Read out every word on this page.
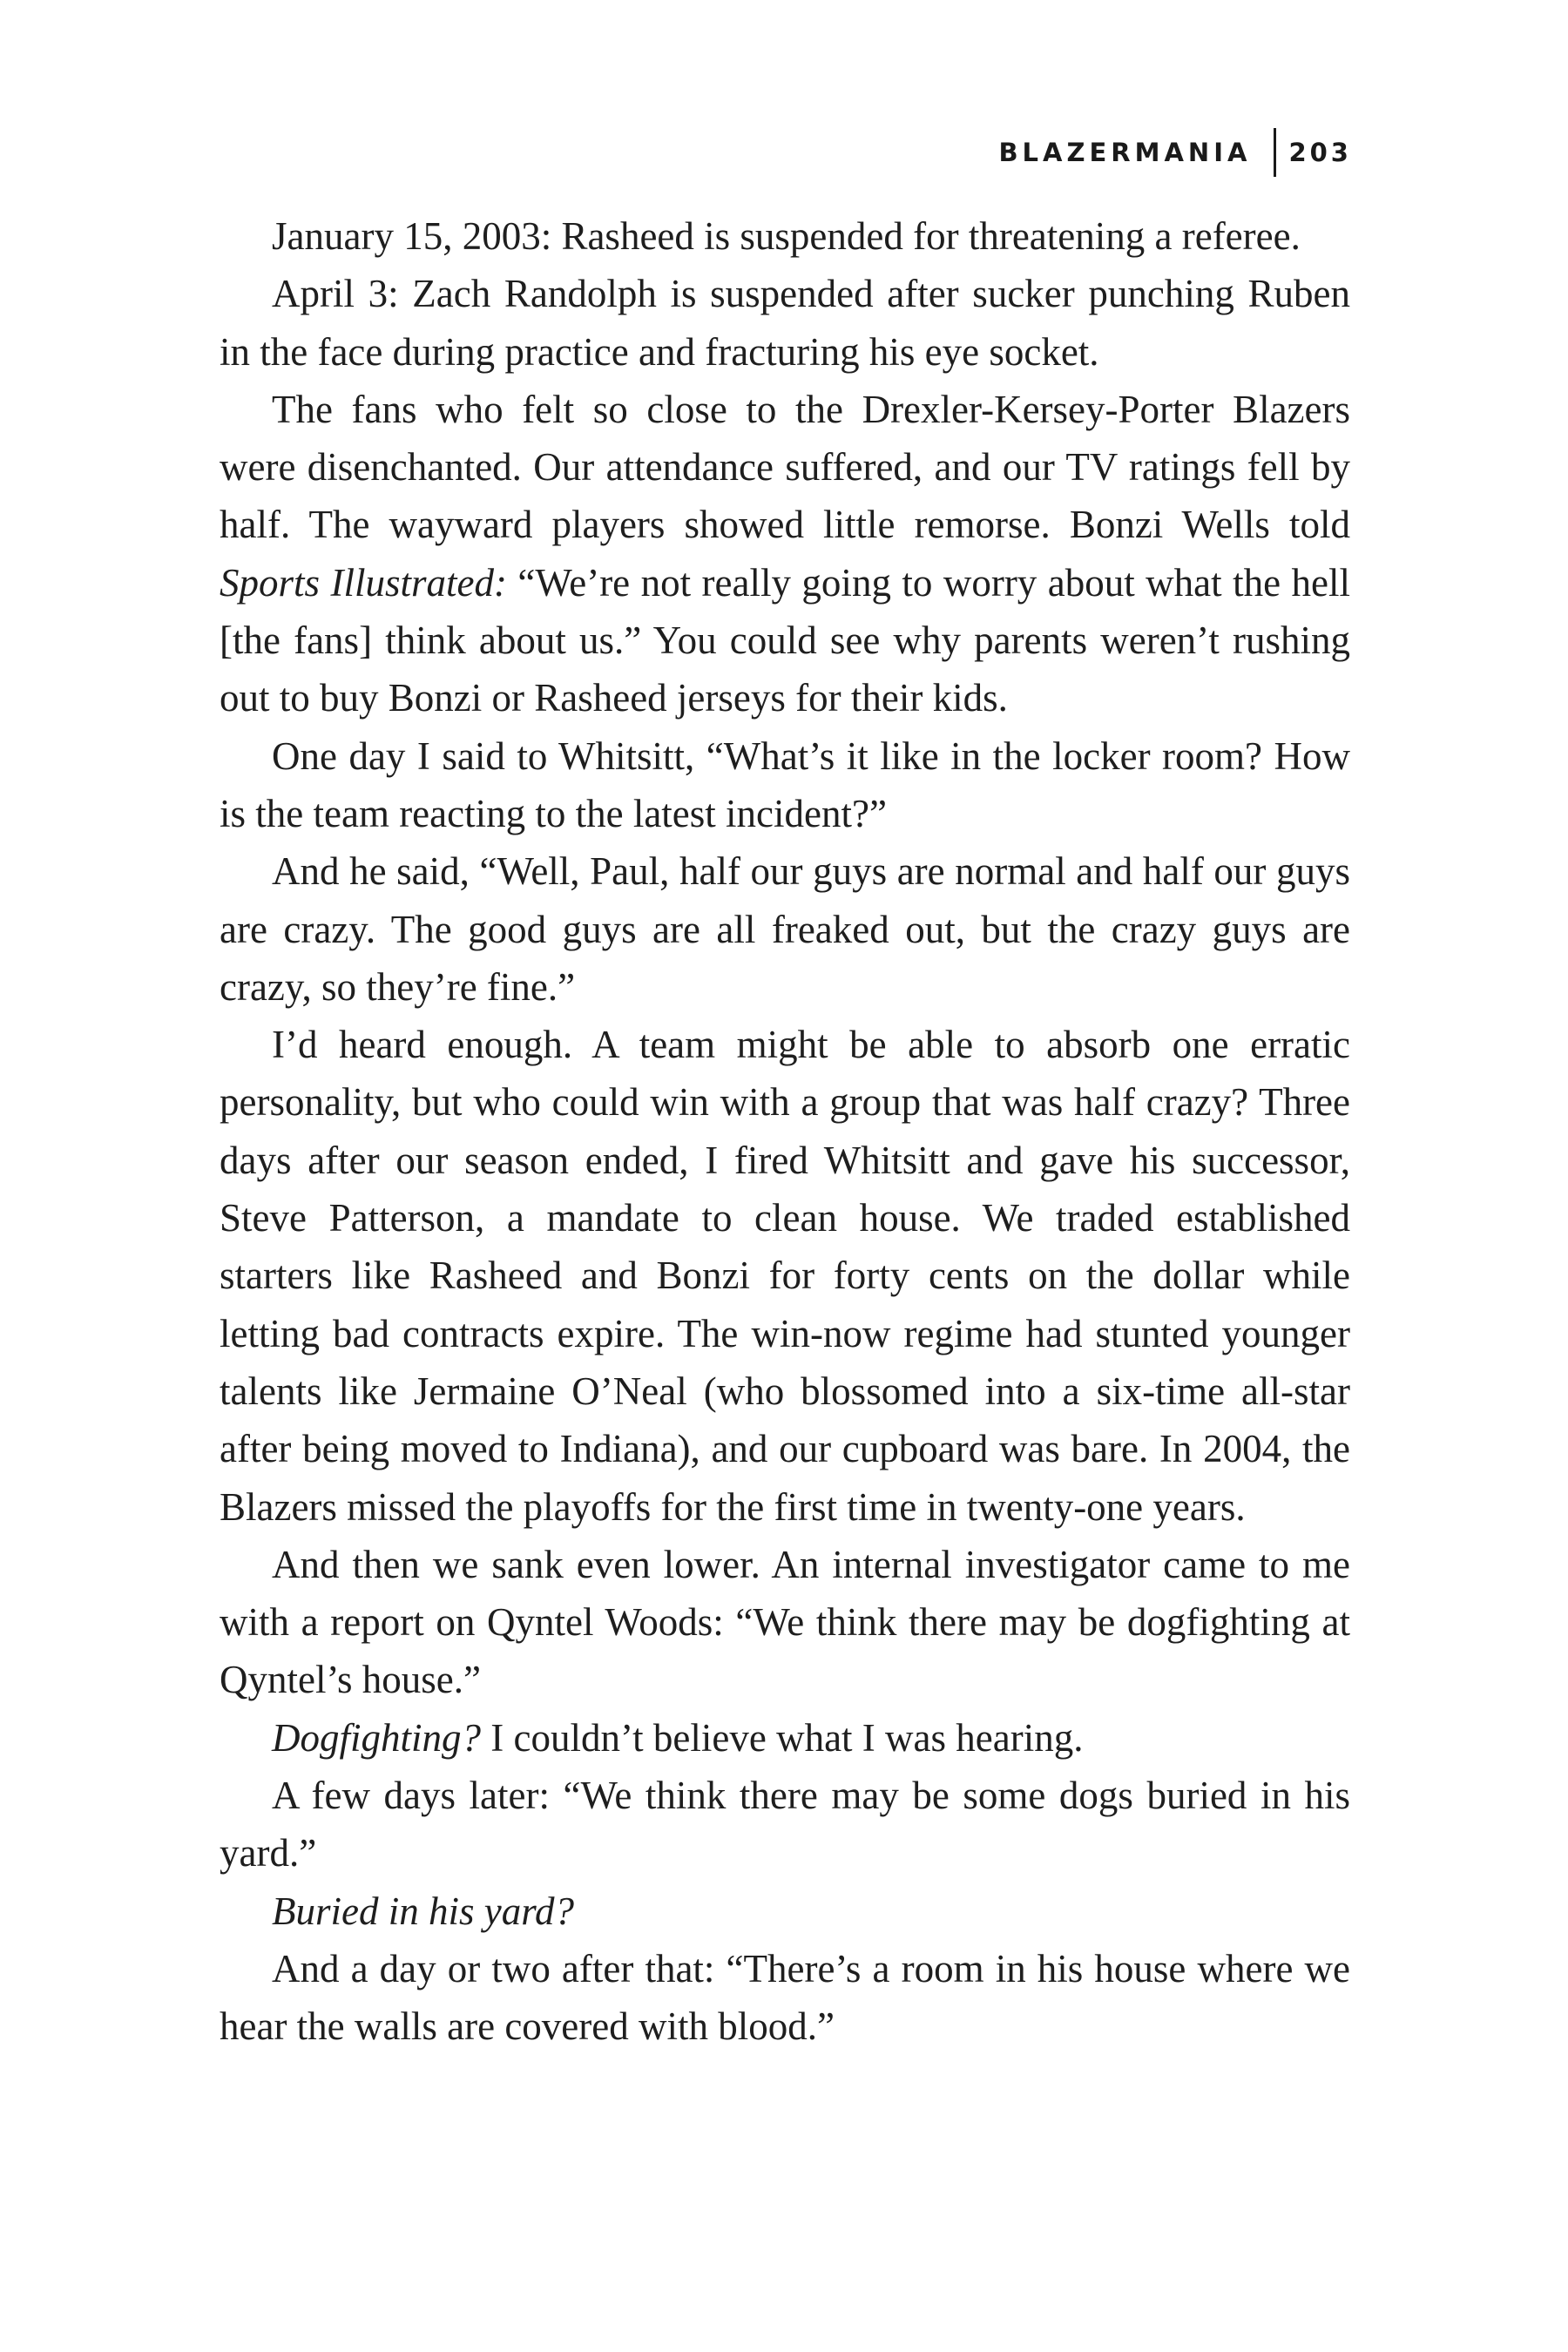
BLAZERMANIA	203

January 15, 2003: Rasheed is suspended for threatening a referee.

April 3: Zach Randolph is suspended after sucker punching Ruben in the face during practice and fracturing his eye socket.

The fans who felt so close to the Drexler-Kersey-Porter Blazers were disenchanted. Our attendance suffered, and our TV ratings fell by half. The wayward players showed little remorse. Bonzi Wells told Sports Illustrated: “We’re not really going to worry about what the hell [the fans] think about us.” You could see why parents weren’t rushing out to buy Bonzi or Rasheed jerseys for their kids.

One day I said to Whitsitt, “What’s it like in the locker room? How is the team reacting to the latest incident?”

And he said, “Well, Paul, half our guys are normal and half our guys are crazy. The good guys are all freaked out, but the crazy guys are crazy, so they’re fine.”

I’d heard enough. A team might be able to absorb one erratic personality, but who could win with a group that was half crazy? Three days after our season ended, I fired Whitsitt and gave his successor, Steve Patterson, a mandate to clean house. We traded established starters like Rasheed and Bonzi for forty cents on the dollar while letting bad contracts expire. The win-now regime had stunted younger talents like Jermaine O’Neal (who blossomed into a six-time all-star after being moved to Indiana), and our cupboard was bare. In 2004, the Blazers missed the playoffs for the first time in twenty-one years.

And then we sank even lower. An internal investigator came to me with a report on Qyntel Woods: “We think there may be dogfighting at Qyntel’s house.”

Dogfighting? I couldn’t believe what I was hearing.

A few days later: “We think there may be some dogs buried in his yard.”

Buried in his yard?

And a day or two after that: “There’s a room in his house where we hear the walls are covered with blood.”
